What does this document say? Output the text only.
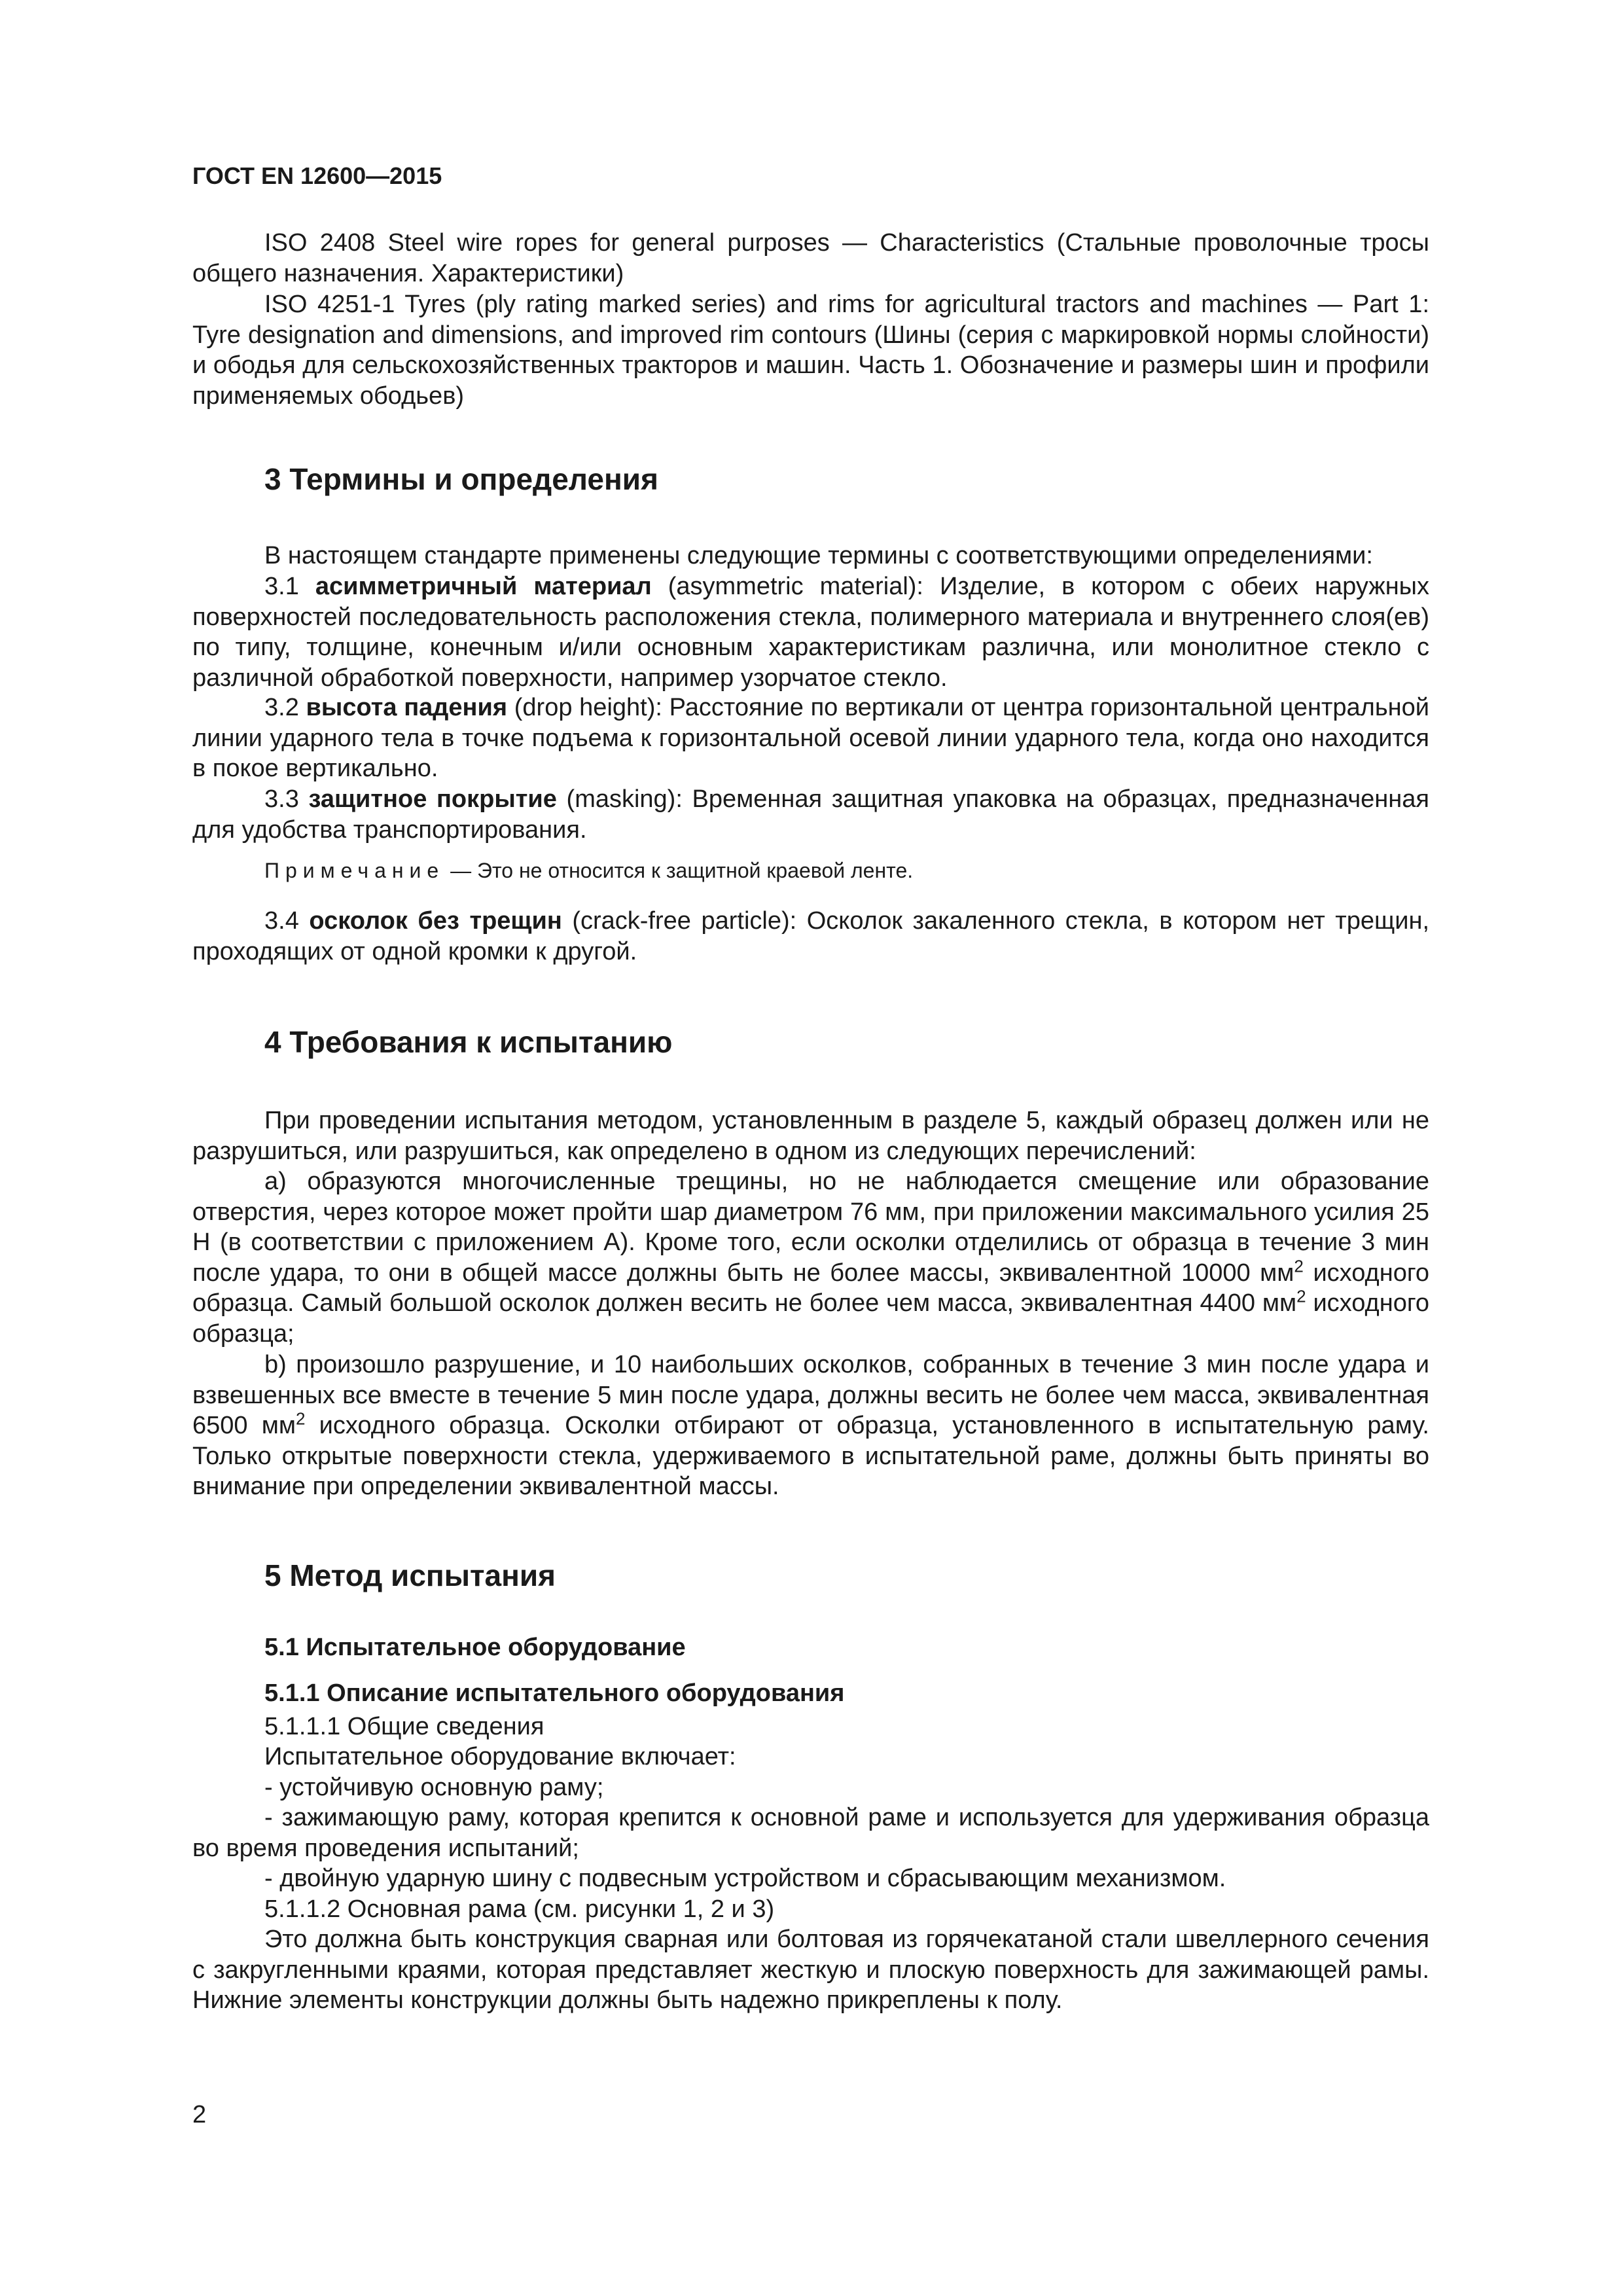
ГОСТ EN 12600—2015

ISO 2408 Steel wire ropes for general purposes — Characteristics (Стальные проволочные тросы общего назначения. Характеристики)

ISO 4251-1 Tyres (ply rating marked series) and rims for agricultural tractors and machines — Part 1: Tyre designation and dimensions, and improved rim contours (Шины (серия с маркировкой нормы слойности) и ободья для сельскохозяйственных тракторов и машин. Часть 1. Обозначение и размеры шин и профили применяемых ободьев)

3 Термины и определения

В настоящем стандарте применены следующие термины с соответствующими определениями:

3.1 асимметричный материал (asymmetric material): Изделие, в котором с обеих наружных поверхностей последовательность расположения стекла, полимерного материала и внутреннего слоя(ев) по типу, толщине, конечным и/или основным характеристикам различна, или монолитное стекло с различной обработкой поверхности, например узорчатое стекло.

3.2 высота падения (drop height): Расстояние по вертикали от центра горизонтальной центральной линии ударного тела в точке подъема к горизонтальной осевой линии ударного тела, когда оно находится в покое вертикально.

3.3 защитное покрытие (masking): Временная защитная упаковка на образцах, предназначенная для удобства транспортирования.

Примечание — Это не относится к защитной краевой ленте.

3.4 осколок без трещин (crack-free particle): Осколок закаленного стекла, в котором нет трещин, проходящих от одной кромки к другой.

4 Требования к испытанию

При проведении испытания методом, установленным в разделе 5, каждый образец должен или не разрушиться, или разрушиться, как определено в одном из следующих перечислений:

а) образуются многочисленные трещины, но не наблюдается смещение или образование отверстия, через которое может пройти шар диаметром 76 мм, при приложении максимального усилия 25 Н (в соответствии с приложением А). Кроме того, если осколки отделились от образца в течение 3 мин после удара, то они в общей массе должны быть не более массы, эквивалентной 10000 $мм^2$ исходного образца. Самый большой осколок должен весить не более чем масса, эквивалентная 4400 $мм^2$ исходного образца;

b) произошло разрушение, и 10 наибольших осколков, собранных в течение 3 мин после удара и взвешенных все вместе в течение 5 мин после удара, должны весить не более чем масса, эквивалентная 6500 $мм^2$ исходного образца. Осколки отбирают от образца, установленного в испытательную раму. Только открытые поверхности стекла, удерживаемого в испытательной раме, должны быть приняты во внимание при определении эквивалентной массы.

5 Метод испытания
5.1 Испытательное оборудование
5.1.1 Описание испытательного оборудования

5.1.1.1 Общие сведения

Испытательное оборудование включает:

- устойчивую основную раму;

- зажимающую раму, которая крепится к основной раме и используется для удерживания образца во время проведения испытаний;

- двойную ударную шину с подвесным устройством и сбрасывающим механизмом.

5.1.1.2 Основная рама (см. рисунки 1, 2 и 3)

Это должна быть конструкция сварная или болтовая из горячекатаной стали швеллерного сечения с закругленными краями, которая представляет жесткую и плоскую поверхность для зажимающей рамы. Нижние элементы конструкции должны быть надежно прикреплены к полу.

2
